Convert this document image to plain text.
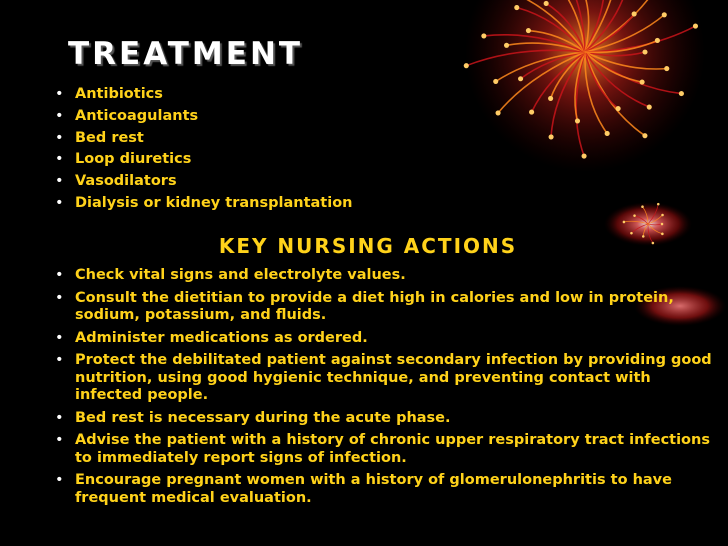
TREATMENT
• Antibiotics
• Anticoagulants
• Bed rest
• Loop diuretics
• Vasodilators
• Dialysis or kidney transplantation
KEY NURSING ACTIONS
• Check vital signs and electrolyte values.
• Consult the dietitian to provide a diet high in calories and low in protein, sodium, potassium, and fluids.
• Administer medications as ordered.
• Protect the debilitated patient against secondary infection by providing good nutrition, using good hygienic technique, and preventing contact with infected people.
• Bed rest is necessary during the acute phase.
• Advise the patient with a history of chronic upper respiratory tract infections to immediately report signs of infection.
• Encourage pregnant women with a history of glomerulonephritis to have frequent medical evaluation.
